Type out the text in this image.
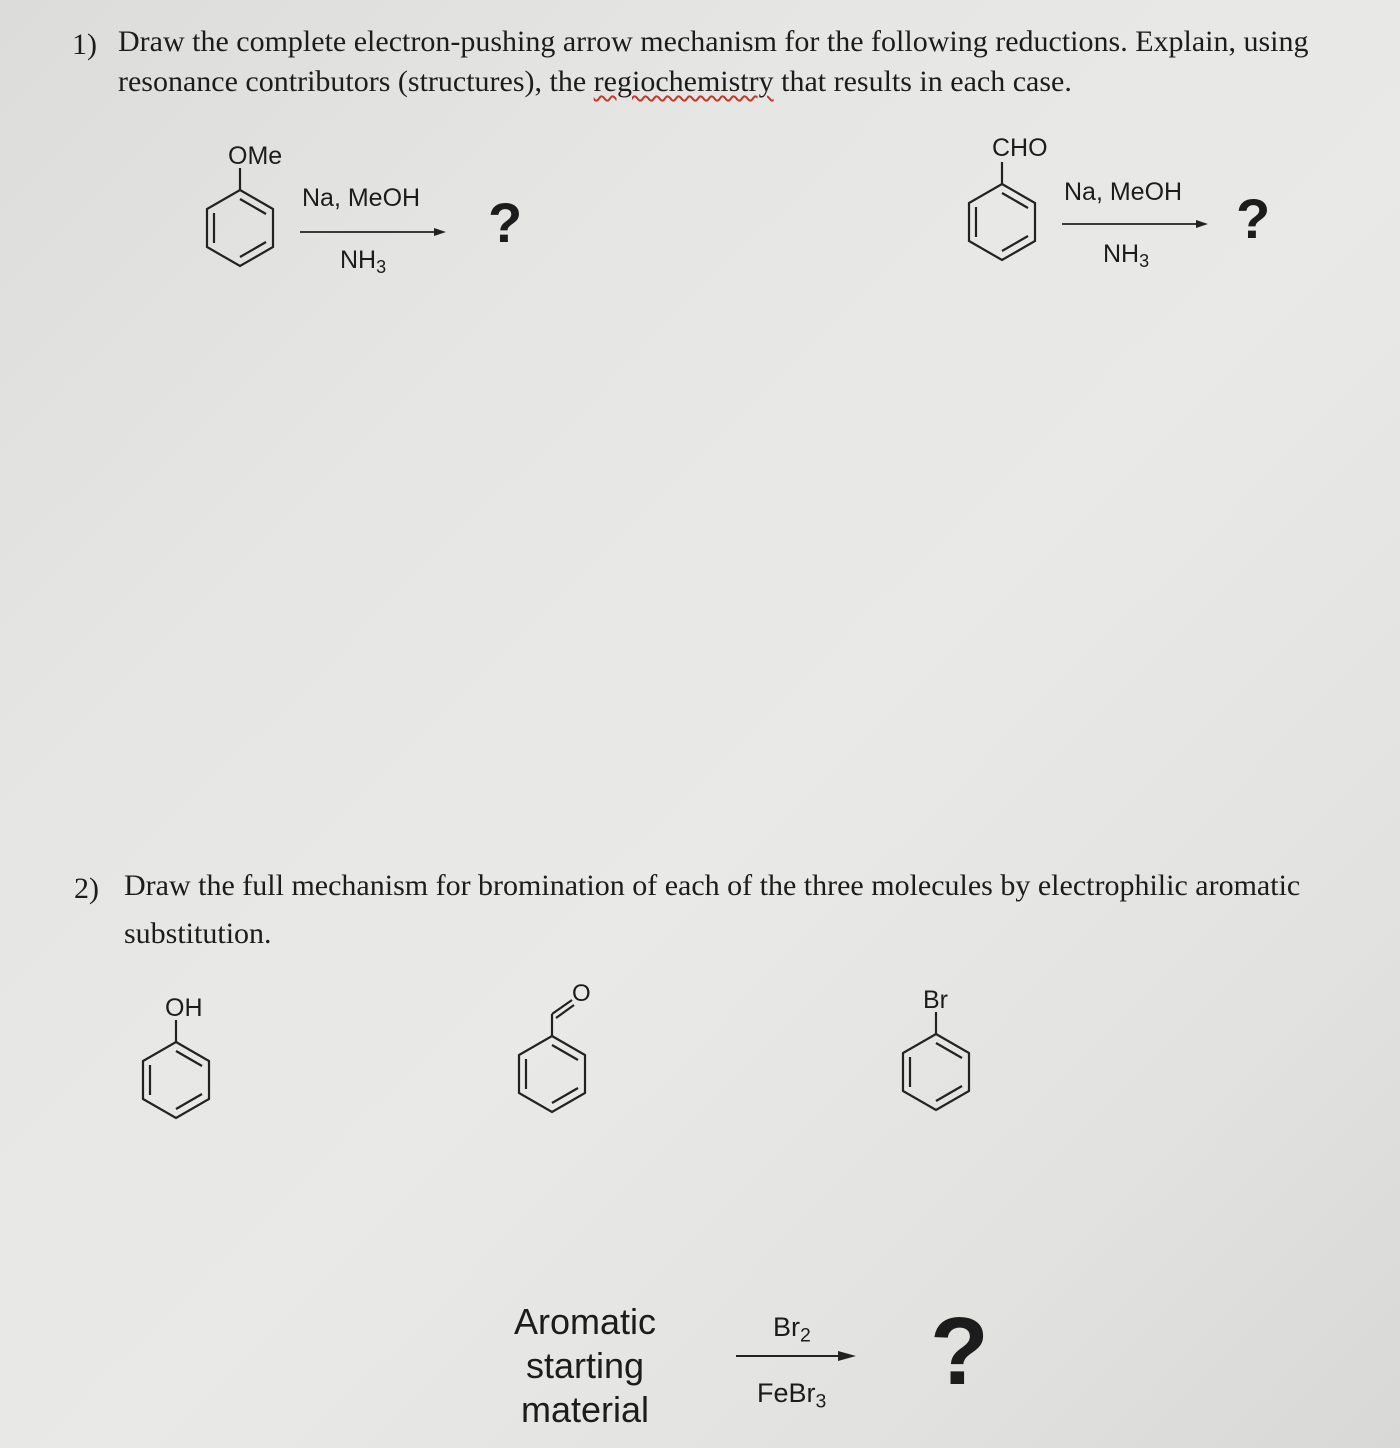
1) Draw the complete electron-pushing arrow mechanism for the following reductions. Explain, using
resonance contributors (structures), the regiochemistry that results in each case.
OMe
Na, MeOH
$NH_3$
?
CHO
Na, MeOH
$NH_3$
?
2) Draw the full mechanism for bromination of each of the three molecules by electrophilic aromatic
substitution.
OH
O	Br
Aromatic
starting
material
$Br_2$
FeBr$_3$ ?
